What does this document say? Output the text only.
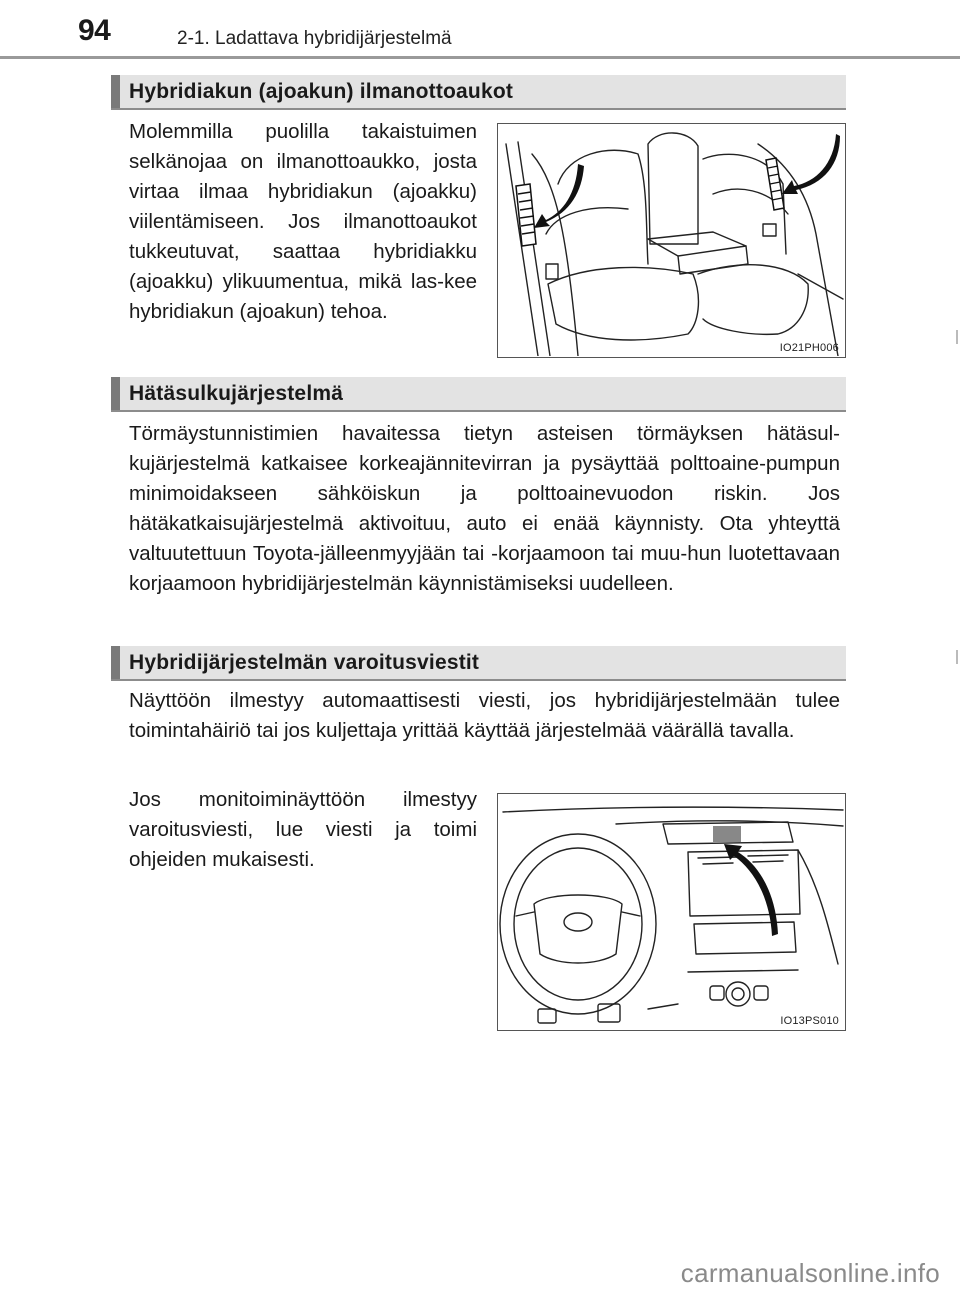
94	2-1. Ladattava hybridijärjestelmä
Hybridiakun (ajoakun) ilmanottoaukot
Molemmilla puolilla takaistuimen selkänojaa on ilmanottoaukko, josta virtaa ilmaa hybridiakun (ajoakku) viilentämiseen. Jos ilmanottoaukot tukkeutuvat, saattaa hybridiakku (ajoakku) ylikuumentua, mikä las-kee hybridiakun (ajoakun) tehoa.
IO21PH006
Hätäsulkujärjestelmä
Törmäystunnistimien havaitessa tietyn asteisen törmäyksen hätäsul-kujärjestelmä katkaisee korkeajännitevirran ja pysäyttää polttoaine-pumpun minimoidakseen sähköiskun ja polttoainevuodon riskin. Jos hätäkatkaisujärjestelmä aktivoituu, auto ei enää käynnisty. Ota yhteyttä valtuutettuun Toyota-jälleenmyyjään tai -korjaamoon tai muu-hun luotettavaan korjaamoon hybridijärjestelmän käynnistämiseksi uudelleen.
Hybridijärjestelmän varoitusviestit
Näyttöön ilmestyy automaattisesti viesti, jos hybridijärjestelmään tulee toimintahäiriö tai jos kuljettaja yrittää käyttää järjestelmää väärällä tavalla.
Jos monitoiminäyttöön ilmestyy varoitusviesti, lue viesti ja toimi ohjeiden mukaisesti.
IO13PS010
carmanualsonline.info
